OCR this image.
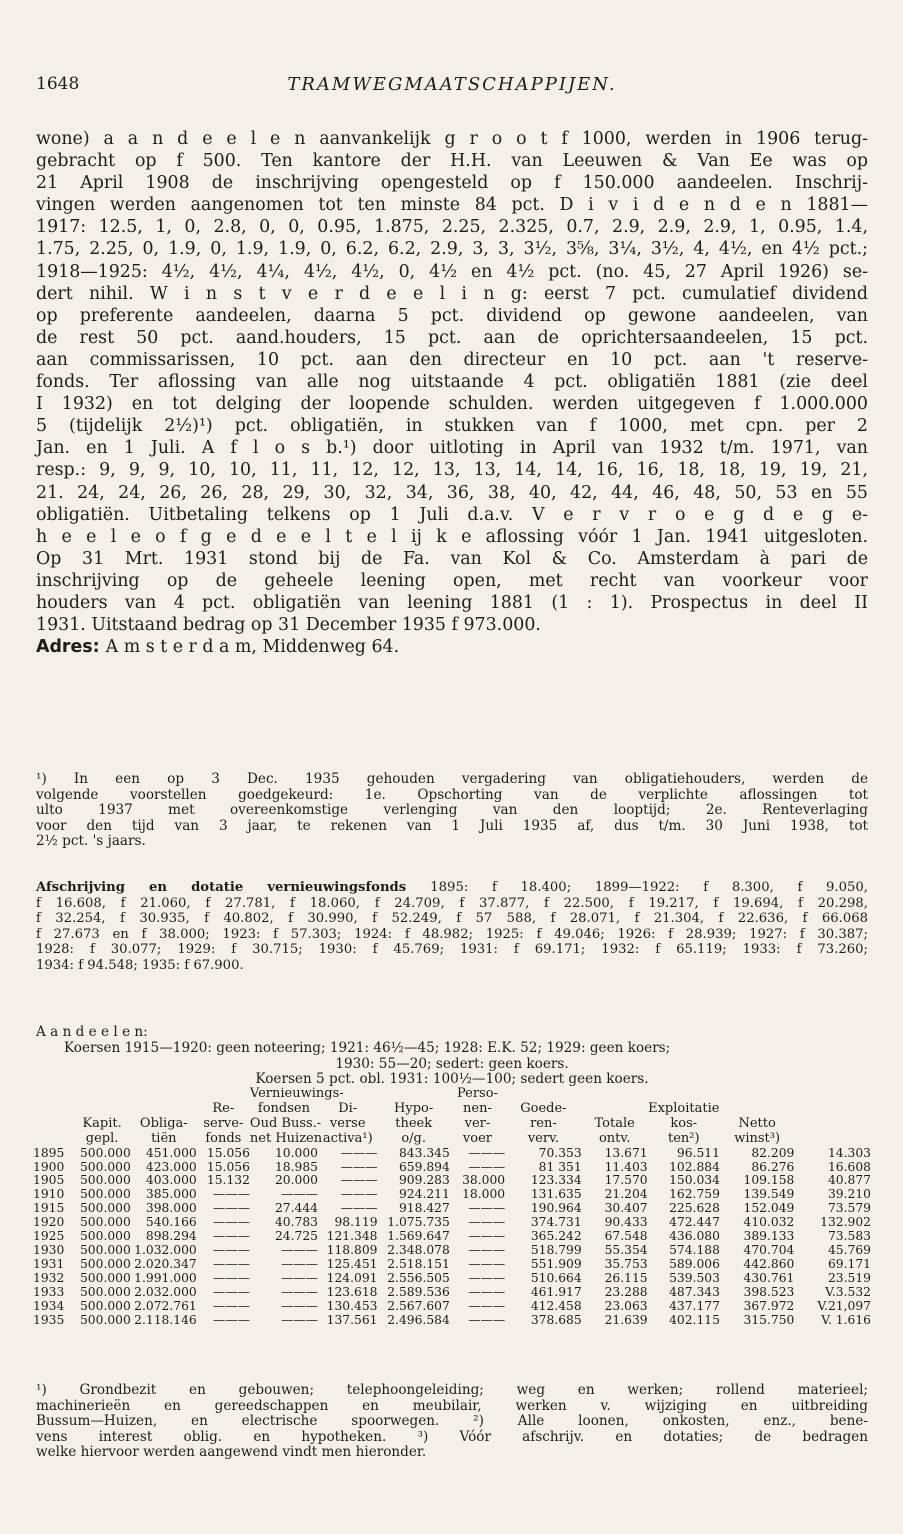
1648	TRAMWEGMAATSCHAPPIJEN.
wone) a a n d e e l e n aanvankelijk g r o o t f 1000, werden in 1906 terug-
gebracht op f 500. Ten kantore der H.H. van Leeuwen & Van Ee was op
21 April 1908 de inschrijving opengesteld op f 150.000 aandeelen. Inschrij-
vingen werden aangenomen tot ten minste 84 pct. D i v i d e n d e n 1881—
1917: 12.5, 1, 0, 2.8, 0, 0, 0.95, 1.875, 2.25, 2.325, 0.7, 2.9, 2.9, 2.9, 1, 0.95, 1.4,
1.75, 2.25, 0, 1.9, 0, 1.9, 1.9, 0, 6.2, 6.2, 2.9, 3, 3, 3½, 3⅝, 3¼, 3½, 4, 4½, en 4½ pct.;
1918—1925: 4½, 4½, 4¼, 4½, 4½, 0, 4½ en 4½ pct. (no. 45, 27 April 1926) se-
dert nihil. W i n s t v e r d e e l i n g: eerst 7 pct. cumulatief dividend
op preferente aandeelen, daarna 5 pct. dividend op gewone aandeelen, van
de rest 50 pct. aand.houders, 15 pct. aan de oprichtersaandeelen, 15 pct.
aan commissarissen, 10 pct. aan den directeur en 10 pct. aan 't reserve-
fonds. Ter aflossing van alle nog uitstaande 4 pct. obligatiën 1881 (zie deel
I 1932) en tot delging der loopende schulden. werden uitgegeven f 1.000.000
5 (tijdelijk 2½)¹) pct. obligatiën, in stukken van f 1000, met cpn. per 2
Jan. en 1 Juli. A f l o s b.¹) door uitloting in April van 1932 t/m. 1971, van
resp.: 9, 9, 9, 10, 10, 11, 11, 12, 12, 13, 13, 14, 14, 16, 16, 18, 18, 19, 19, 21,
21. 24, 24, 26, 26, 28, 29, 30, 32, 34, 36, 38, 40, 42, 44, 46, 48, 50, 53 en 55
obligatiën. Uitbetaling telkens op 1 Juli d.a.v. V e r v r o e g d e g e-
h e e l e o f g e d e e l t e l ij k e aflossing vóór 1 Jan. 1941 uitgesloten.
Op 31 Mrt. 1931 stond bij de Fa. van Kol & Co. Amsterdam à pari de
inschrijving op de geheele leening open, met recht van voorkeur voor
houders van 4 pct. obligatiën van leening 1881 (1 : 1). Prospectus in deel II
1931. Uitstaand bedrag op 31 December 1935 f 973.000.
Adres: A m s t e r d a m, Middenweg 64.
¹) In een op 3 Dec. 1935 gehouden vergadering van obligatiehouders, werden de
volgende voorstellen goedgekeurd: 1e. Opschorting van de verplichte aflossingen tot
ulto 1937 met overeenkomstige verlenging van den looptijd; 2e. Renteverlaging
voor den tijd van 3 jaar, te rekenen van 1 Juli 1935 af, dus t/m. 30 Juni 1938, tot
2½ pct. 's jaars.
Afschrijving en dotatie vernieuwingsfonds 1895: f 18.400; 1899—1922: f 8.300, f 9.050,
f 16.608, f 21.060, f 27.781, f 18.060, f 24.709, f 37.877, f 22.500, f 19.217, f 19.694, f 20.298,
f 32.254, f 30.935, f 40.802, f 30.990, f 52.249, f 57 588, f 28.071, f 21.304, f 22.636, f 66.068
f 27.673 en f 38.000; 1923: f 57.303; 1924: f 48.982; 1925: f 49.046; 1926: f 28.939; 1927: f 30.387;
1928: f 30.077; 1929: f 30.715; 1930: f 45.769; 1931: f 69.171; 1932: f 65.119; 1933: f 73.260;
1934: f 94.548; 1935: f 67.900.
A a n d e e l e n:
Koersen 1915—1920: geen noteering; 1921: 46½—45; 1928: E.K. 52; 1929: geen koers;
1930: 55—20; sedert: geen koers.
Koersen 5 pct. obl. 1931: 100½—100; sedert geen koers.
				Vernieuwings-			Perso-					
			Re-	fondsen	Di-	Hypo-	nen-	Goede-		Exploitatie		
	Kapit.	Obliga-	serve-	Oud Buss.-	verse	theek	ver-	ren-	Totale	kos-	Netto	
	gepl.	tiën	fonds	net Huizen	activa¹)	o/g.	voer	verv.	ontv.	ten²)	winst³)	
1895	500.000	451.000	15.056	10.000	———	843.345	———	70.353	13.671	96.511	82.209	14.303
1900	500.000	423.000	15.056	18.985	———	659.894	———	81 351	11.403	102.884	86.276	16.608
1905	500.000	403.000	15.132	20.000	———	909.283	38.000	123.334	17.570	150.034	109.158	40.877
1910	500.000	385.000	———	———	———	924.211	18.000	131.635	21.204	162.759	139.549	39.210
1915	500.000	398.000	———	27.444	———	918.427	———	190.964	30.407	225.628	152.049	73.579
1920	500.000	540.166	———	40.783	98.119	1.075.735	———	374.731	90.433	472.447	410.032	132.902
1925	500.000	898.294	———	24.725	121.348	1.569.647	———	365.242	67.548	436.080	389.133	73.583
1930	500.000	1.032.000	———	———	118.809	2.348.078	———	518.799	55.354	574.188	470.704	45.769
1931	500.000	2.020.347	———	———	125.451	2.518.151	———	551.909	35.753	589.006	442.860	69.171
1932	500.000	1.991.000	———	———	124.091	2.556.505	———	510.664	26.115	539.503	430.761	23.519
1933	500.000	2.032.000	———	———	123.618	2.589.536	———	461.917	23.288	487.343	398.523	V.3.532
1934	500.000	2.072.761	———	———	130.453	2.567.607	———	412.458	23.063	437.177	367.972	V.21,097
1935	500.000	2.118.146	———	———	137.561	2.496.584	———	378.685	21.639	402.115	315.750	V. 1.616
¹) Grondbezit en gebouwen; telephoongeleiding; weg en werken; rollend materieel;
machinerieën en gereedschappen en meubilair, werken v. wijziging en uitbreiding
Bussum—Huizen, en electrische spoorwegen. ²) Alle loonen, onkosten, enz., bene-
vens interest oblig. en hypotheken. ³) Vóór afschrijv. en dotaties; de bedragen
welke hiervoor werden aangewend vindt men hieronder.
